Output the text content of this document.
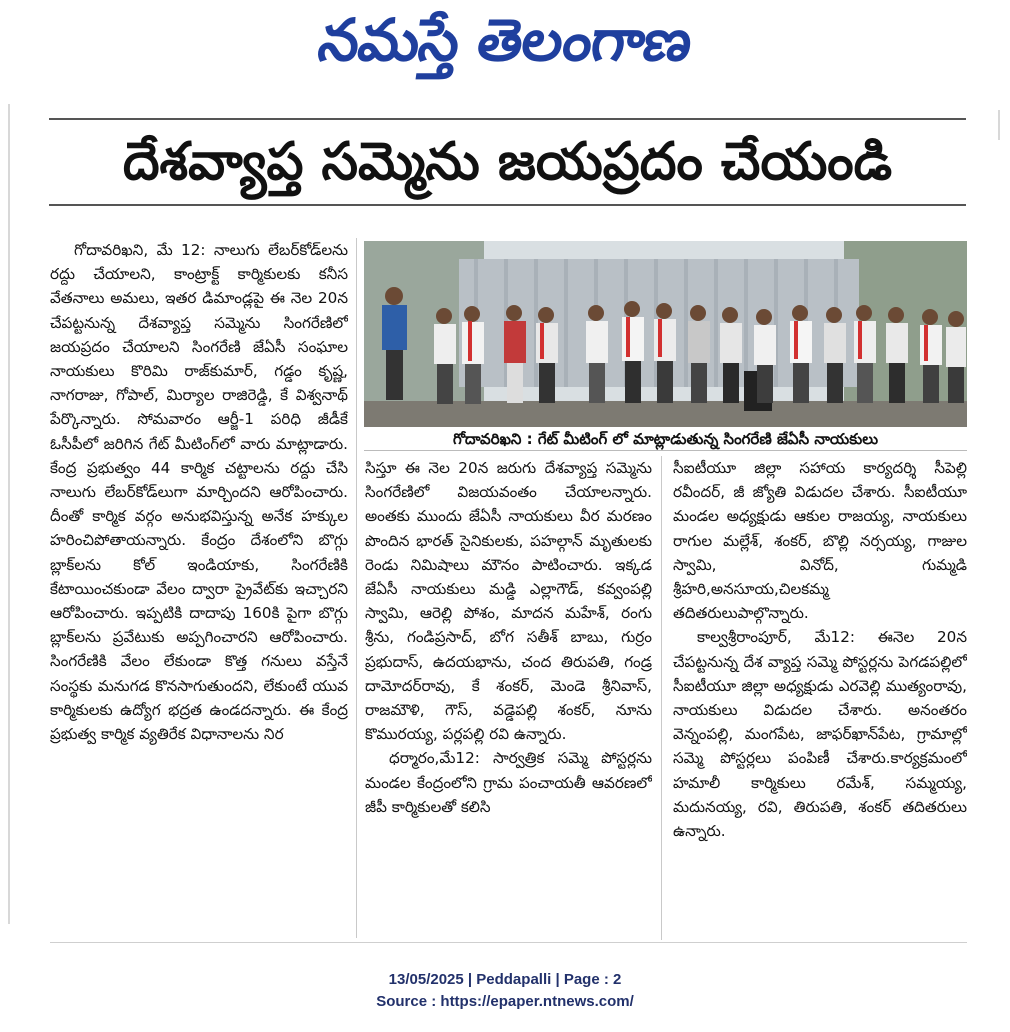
నమస్తే తెలంగాణ
దేశవ్యాప్త సమ్మెను జయప్రదం చేయండి

గోదావరిఖని, మే 12: నాలుగు లేబర్‌కోడ్‌లను రద్దు చేయాలని, కాంట్రాక్ట్ కార్మికులకు కనీస వేతనాలు అమలు, ఇతర డిమాండ్లపై ఈ నెల 20న చేపట్టనున్న దేశవ్యాప్త సమ్మెను సింగరేణిలో జయప్రదం చేయాలని సింగరేణి జేఏసీ సంఘాల నాయకులు కొరిమి రాజ్‌కుమార్, గడ్డం కృష్ణ, నాగరాజు, గోపాల్, మిర్యాల రాజిరెడ్డి, కే విశ్వనాథ్ పేర్కొన్నారు. సోమవారం ఆర్జీ-1 పరిధి జీడీకే ఓసీపీలో జరిగిన గేట్ మీటింగ్‌లో వారు మాట్లాడారు. కేంద్ర ప్రభుత్వం 44 కార్మిక చట్టాలను రద్దు చేసి నాలుగు లేబర్‌కోడ్‌లుగా మార్చిందని ఆరోపించారు. దీంతో కార్మిక వర్గం అనుభవిస్తున్న అనేక హక్కుల హరించిపోతాయన్నారు. కేంద్రం దేశంలోని బొగ్గు బ్లాక్‌లను కోల్ ఇండియాకు, సింగరేణికి కేటాయించకుండా వేలం ద్వారా ప్రైవేట్‌కు ఇచ్చారని ఆరోపించారు. ఇప్పటికి దాదాపు 160కి పైగా బొగ్గు బ్లాక్‌లను ప్రవేటుకు అప్పగించారని ఆరోపించారు. సింగరేణికి వేలం లేకుండా కొత్త గనులు వస్తేనే సంస్థకు మనుగడ కొనసాగుతుందని, లేకుంటే యువ కార్మికులకు ఉద్యోగ భద్రత ఉండదన్నారు. ఈ కేంద్ర ప్రభుత్వ కార్మిక వ్యతిరేక విధానాలను నిర

గోదావరిఖని : గేట్ మీటింగ్ లో మాట్లాడుతున్న సింగరేణి జేఏసీ నాయకులు

సిస్తూ ఈ నెల 20న జరుగు దేశవ్యాప్త సమ్మెను సింగరేణిలో విజయవంతం చేయాలన్నారు. అంతకు ముందు జేఏసీ నాయకులు వీర మరణం పొందిన భారత్ సైనికులకు, పహల్గాన్ మృతులకు రెండు నిమిషాలు మౌనం పాటించారు. ఇక్కడ జేఏసీ నాయకులు మడ్డి ఎల్లాగౌడ్, కవ్వంపల్లి స్వామి, ఆరెల్లి పోశం, మాదన మహేశ్, రంగు శ్రీను, గండిప్రసాద్, బోగ సతీశ్ బాబు, గుర్రం ప్రభుదాస్, ఉదయభాను, చంద తిరుపతి, గండ్ర దామోదర్‌రావు, కే శంకర్, మెండె శ్రీనివాస్, రాజమౌళి, గౌస్, వడ్డెపల్లి శంకర్, నూను కొమురయ్య, పర్లపల్లి రవి ఉన్నారు.

ధర్మారం,మే12: సార్వత్రిక సమ్మె పోస్టర్లను మండల కేంద్రంలోని గ్రామ పంచాయతీ ఆవరణలో జీపీ కార్మికులతో కలిసి

సీఐటీయూ జిల్లా సహాయ కార్యదర్శి సీపెల్లి రవీందర్, జీ జ్యోతి విడుదల చేశారు. సీఐటీయూ మండల అధ్యక్షుడు ఆకుల రాజయ్య, నాయకులు రాగుల మల్లేశ్, శంకర్, బొల్లి నర్సయ్య, గాజుల స్వామి, వినోద్, గుమ్మడి శ్రీహరి,అనసూయ,చిలకమ్మ తదితరులుపాల్గొన్నారు.

కాల్వశ్రీరాంపూర్, మే12: ఈనెల 20న చేపట్టనున్న దేశ వ్యాప్త సమ్మె పోస్టర్లను పెగడపల్లిలో సీఐటీయూ జిల్లా అధ్యక్షుడు ఎరవెల్లి ముత్యంరావు, నాయకులు విడుదల చేశారు. అనంతరం వెన్నంపల్లి, మంగపేట, జాఫర్‌ఖాన్‌పేట, గ్రామాల్లో సమ్మె పోస్టర్లలు పంపిణీ చేశారు.కార్యక్రమంలో హమాలీ కార్మికులు రమేశ్, సమ్మయ్య, మదునయ్య, రవి, తిరుపతి, శంకర్ తదితరులు ఉన్నారు.

13/05/2025 | Peddapalli | Page : 2
Source : https://epaper.ntnews.com/
